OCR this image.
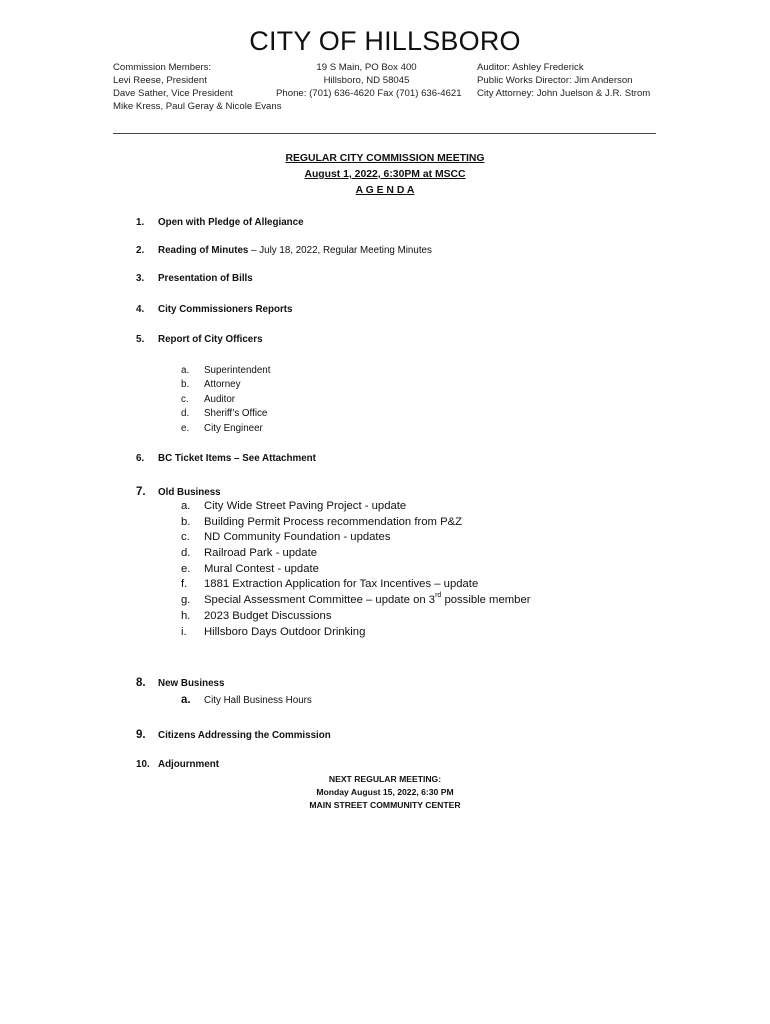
CITY OF HILLSBORO
Commission Members:
Levi Reese, President
Dave Sather, Vice President
Mike Kress, Paul Geray & Nicole Evans
19 S Main, PO Box 400
Hillsboro, ND 58045
Phone: (701) 636-4620 Fax (701) 636-4621
Auditor: Ashley Frederick
Public Works Director: Jim Anderson
City Attorney: John Juelson & J.R. Strom
REGULAR CITY COMMISSION MEETING
August 1, 2022, 6:30PM at MSCC
A G E N D A
1. Open with Pledge of Allegiance
2. Reading of Minutes – July 18, 2022, Regular Meeting Minutes
3. Presentation of Bills
4. City Commissioners Reports
5. Report of City Officers
a. Superintendent
b. Attorney
c. Auditor
d. Sheriff’s Office
e. City Engineer
6. BC Ticket Items – See Attachment
7. Old Business
a. City Wide Street Paving Project - update
b. Building Permit Process recommendation from P&Z
c. ND Community Foundation - updates
d. Railroad Park - update
e. Mural Contest - update
f. 1881 Extraction Application for Tax Incentives – update
g. Special Assessment Committee – update on 3rd possible member
h. 2023 Budget Discussions
i. Hillsboro Days Outdoor Drinking
8. New Business
a. City Hall Business Hours
9. Citizens Addressing the Commission
10. Adjournment
NEXT REGULAR MEETING:
Monday August 15, 2022, 6:30 PM
MAIN STREET COMMUNITY CENTER
